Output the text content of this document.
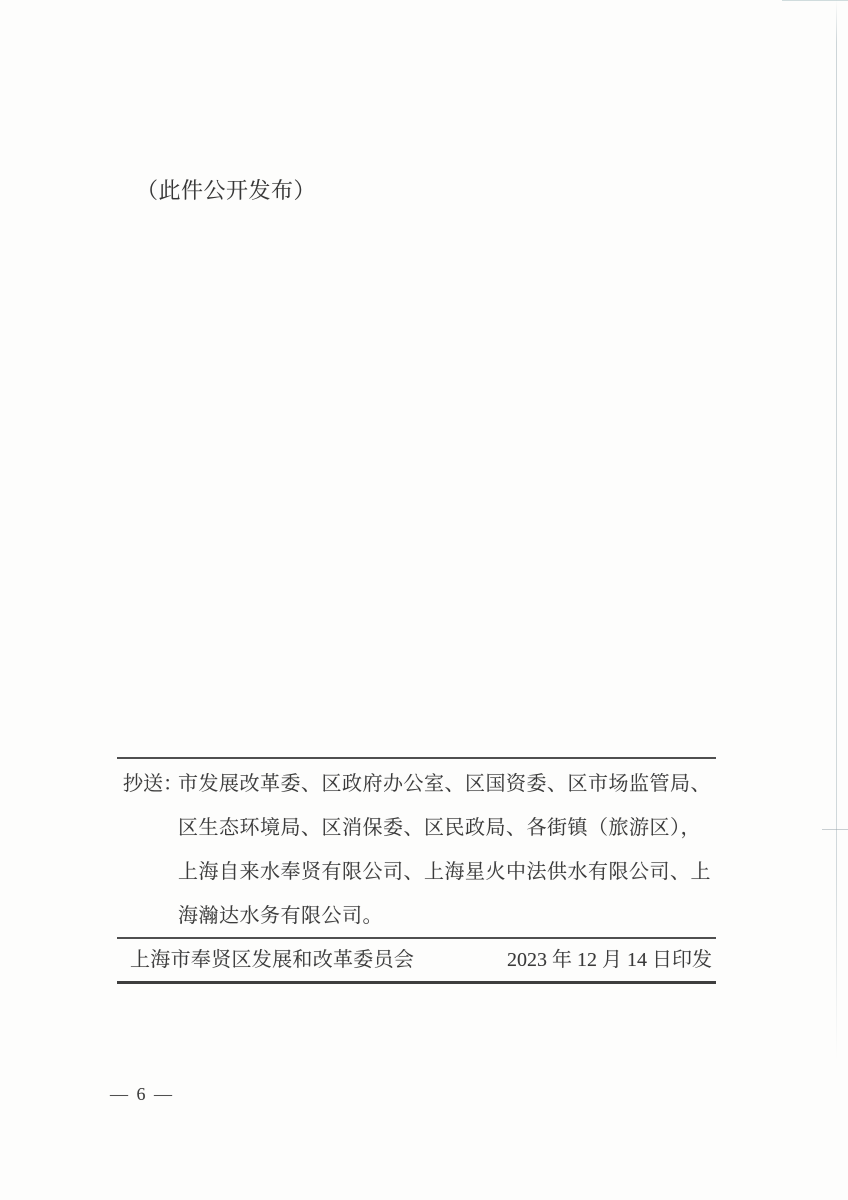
（此件公开发布）
抄送：
市发展改革委、区政府办公室、区国资委、区市场监管局、
区生态环境局、区消保委、区民政局、各街镇（旅游区），
上海自来水奉贤有限公司、上海星火中法供水有限公司、上
海瀚达水务有限公司。
上海市奉贤区发展和改革委员会	2023 年 12 月 14 日印发
— 6 —
